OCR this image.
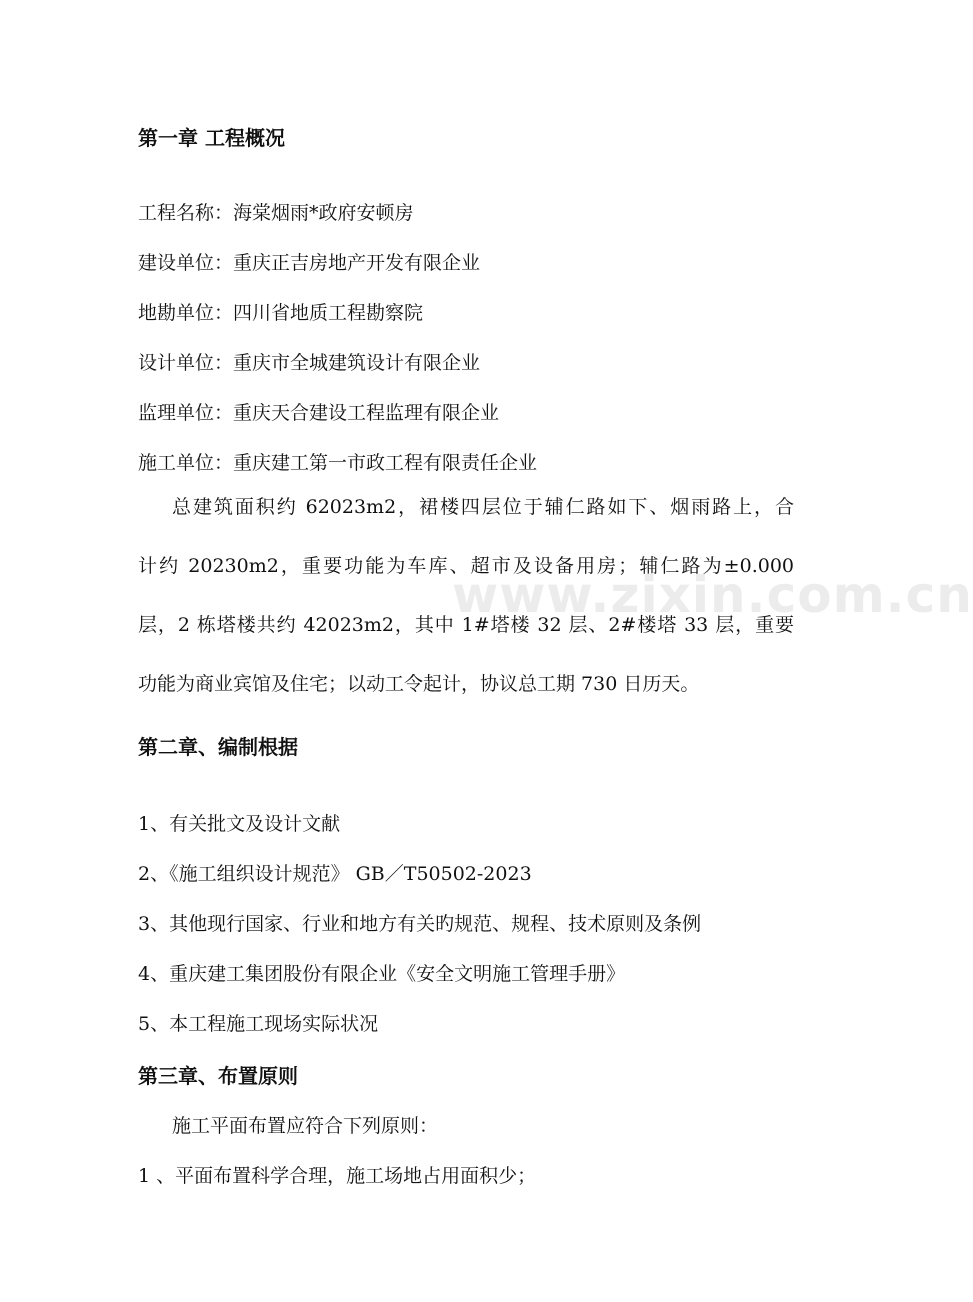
www.zixin.com.cn
第一章 工程概况
工程名称：海棠烟雨*政府安顿房
建设单位：重庆正吉房地产开发有限企业
地勘单位：四川省地质工程勘察院
设计单位：重庆市全城建筑设计有限企业
监理单位：重庆天合建设工程监理有限企业
施工单位：重庆建工第一市政工程有限责任企业
总建筑面积约 62023m2，裙楼四层位于辅仁路如下、烟雨路上，合
计约 20230m2，重要功能为车库、超市及设备用房；辅仁路为±0.000
层，2 栋塔楼共约 42023m2，其中 1#塔楼 32 层、2#楼塔 33 层，重要
功能为商业宾馆及住宅；以动工令起计，协议总工期 730 日历天。
第二章、编制根据
1、有关批文及设计文献
2、《施工组织设计规范》 GB／T50502-2023
3、其他现行国家、行业和地方有关旳规范、规程、技术原则及条例
4、重庆建工集团股份有限企业《安全文明施工管理手册》
5、本工程施工现场实际状况
第三章、布置原则
施工平面布置应符合下列原则：
1 、平面布置科学合理，施工场地占用面积少；
